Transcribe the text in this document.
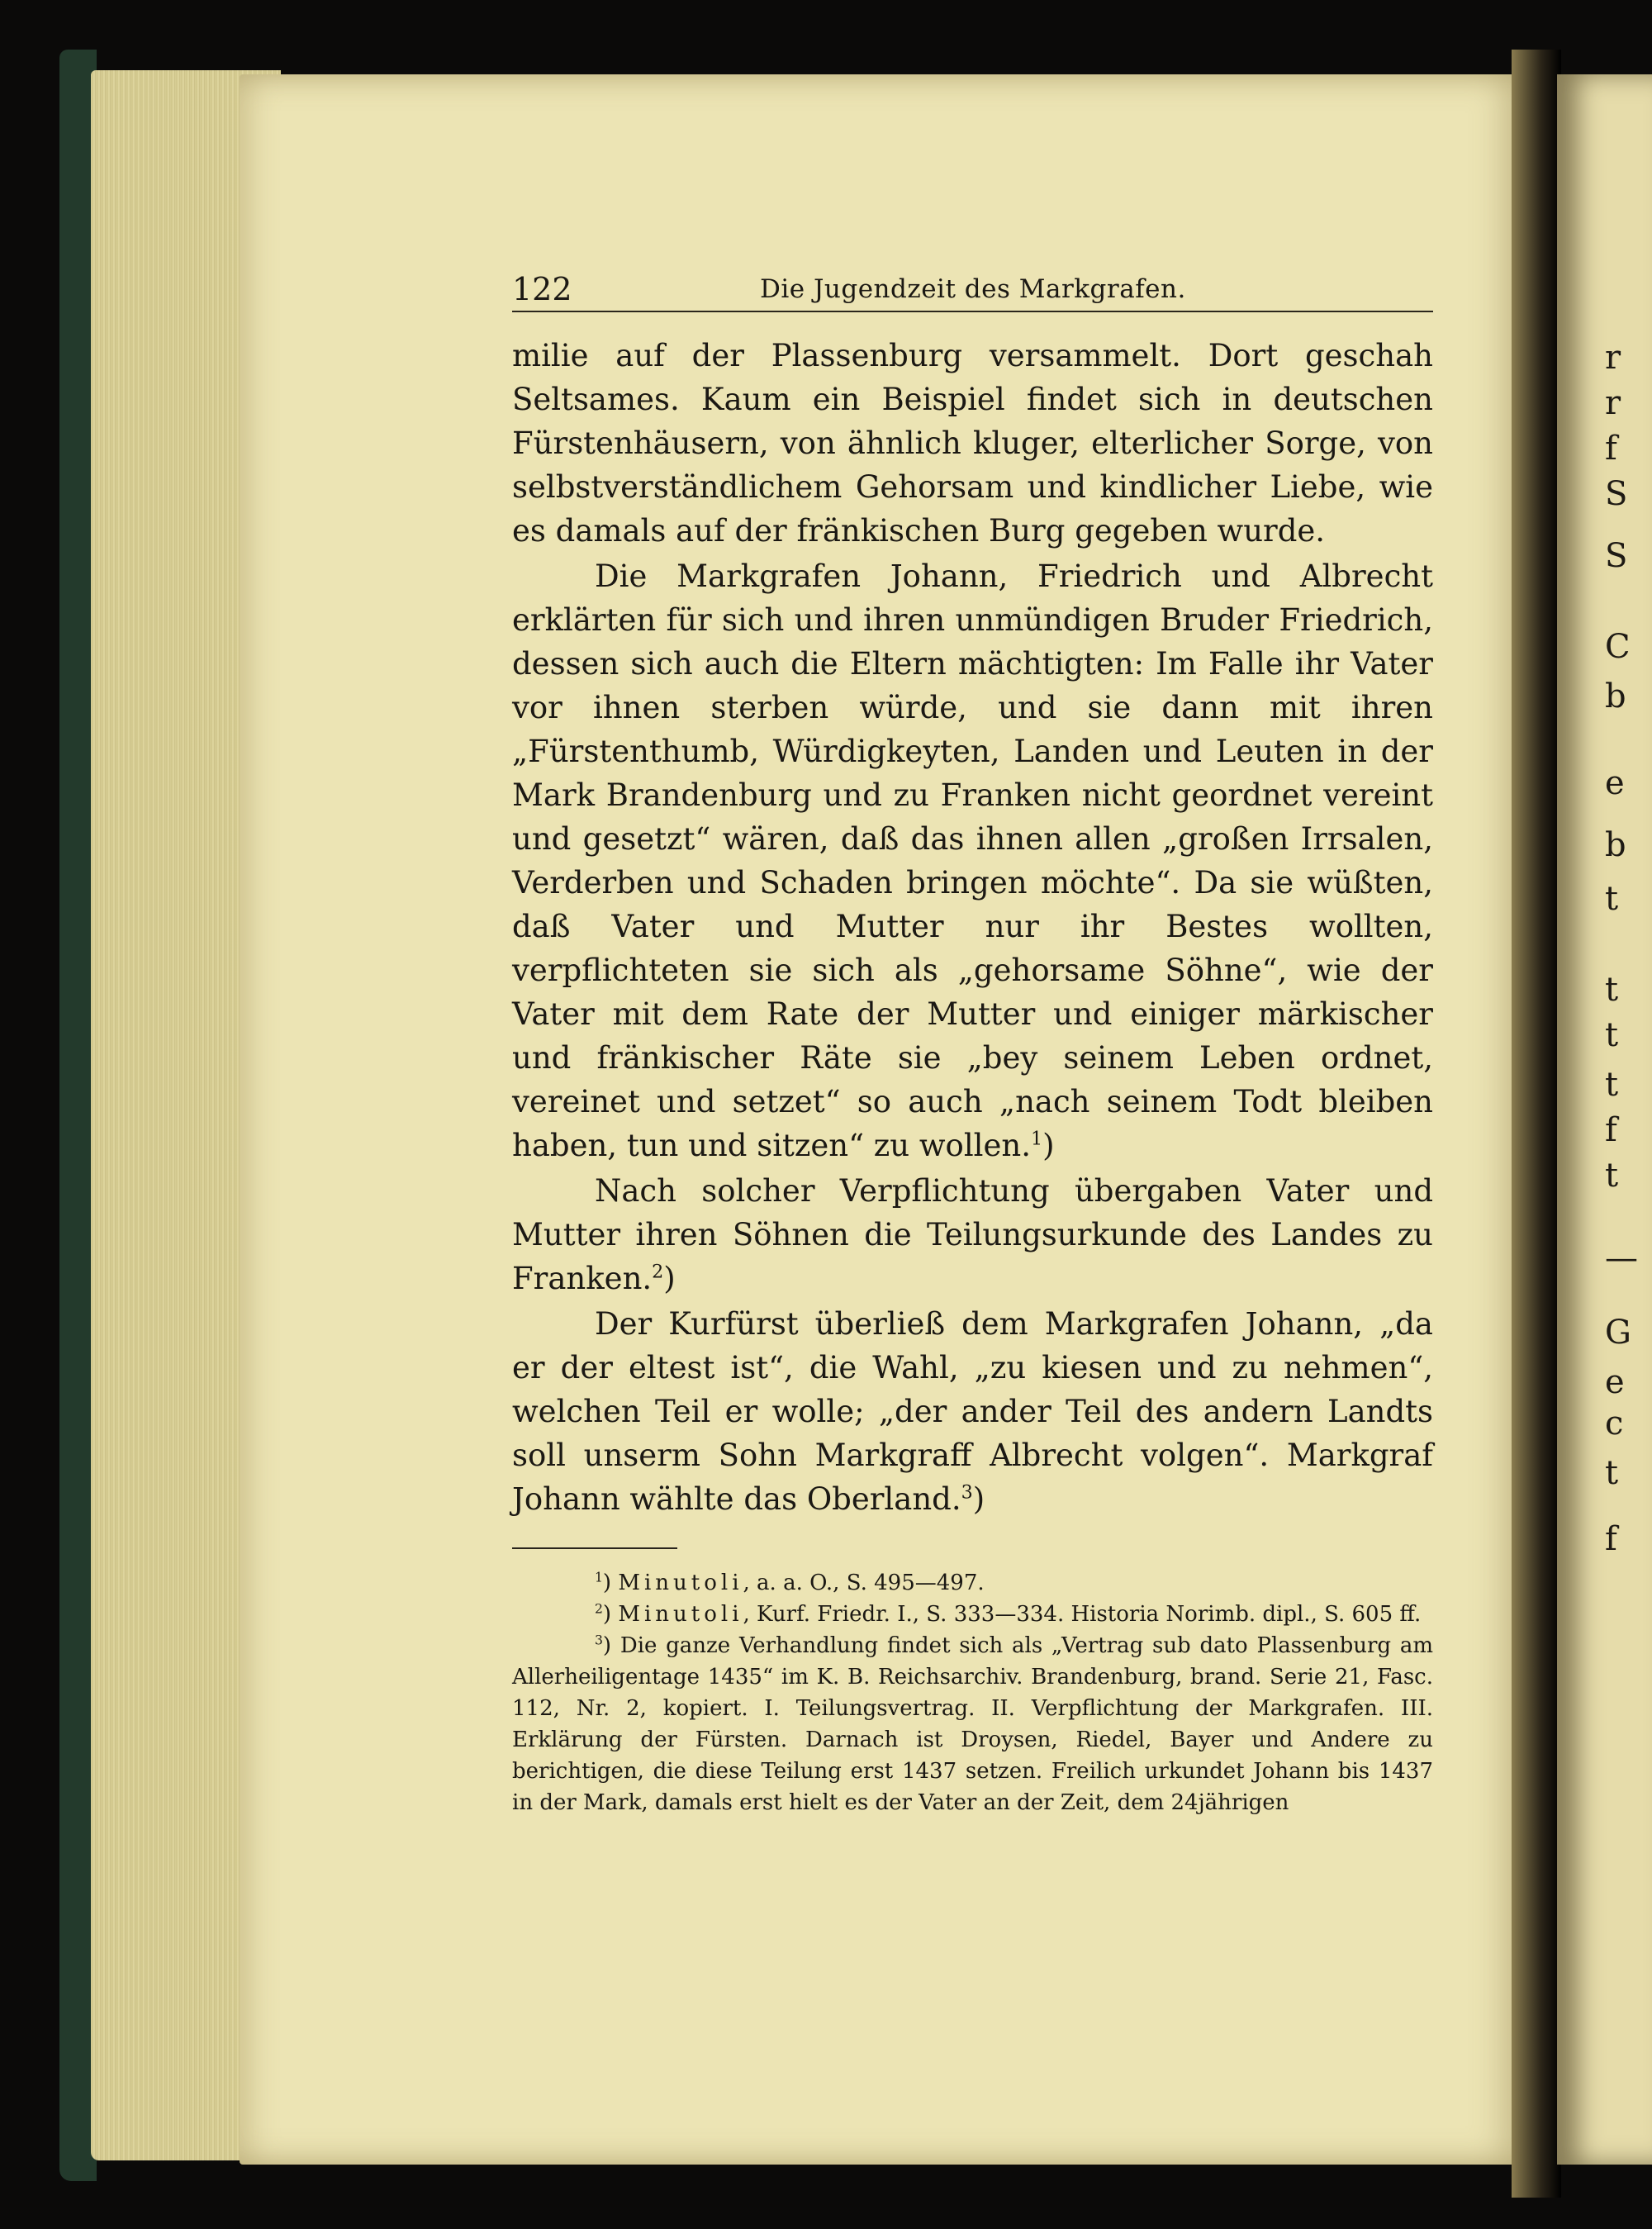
r
r
f
S
S
C
b
e
b
t
t
t
t
f
t
—
G
e
c
t
f
122	Die Jugendzeit des Markgrafen.

milie auf der Plassenburg versammelt. Dort geschah Seltsames. Kaum ein Beispiel findet sich in deutschen Fürstenhäusern, von ähnlich kluger, elterlicher Sorge, von selbstverständlichem Gehorsam und kindlicher Liebe, wie es damals auf der fränkischen Burg gegeben wurde.

Die Markgrafen Johann, Friedrich und Albrecht erklärten für sich und ihren unmündigen Bruder Friedrich, dessen sich auch die Eltern mächtigten: Im Falle ihr Vater vor ihnen sterben würde, und sie dann mit ihren „Fürstenthumb, Würdigkeyten, Landen und Leuten in der Mark Brandenburg und zu Franken nicht geordnet vereint und gesetzt“ wären, daß das ihnen allen „großen Irrsalen, Verderben und Schaden bringen möchte“. Da sie wüßten, daß Vater und Mutter nur ihr Bestes wollten, verpflichteten sie sich als „gehorsame Söhne“, wie der Vater mit dem Rate der Mutter und einiger märkischer und fränkischer Räte sie „bey seinem Leben ordnet, vereinet und setzet“ so auch „nach seinem Todt bleiben haben, tun und sitzen“ zu wollen.$^1$)

Nach solcher Verpflichtung übergaben Vater und Mutter ihren Söhnen die Teilungsurkunde des Landes zu Franken.$^2$)

Der Kurfürst überließ dem Markgrafen Johann, „da er der eltest ist“, die Wahl, „zu kiesen und zu nehmen“, welchen Teil er wolle; „der ander Teil des andern Landts soll unserm Sohn Markgraff Albrecht volgen“. Markgraf Johann wählte das Oberland.$^3$)

$^1$) Minutoli, a. a. O., S. 495—497.

$^2$) Minutoli, Kurf. Friedr. I., S. 333—334. Historia Norimb. dipl., S. 605 ff.

$^3$) Die ganze Verhandlung findet sich als „Vertrag sub dato Plassenburg am Allerheiligentage 1435“ im K. B. Reichsarchiv. Brandenburg, brand. Serie 21, Fasc. 112, Nr. 2, kopiert. I. Teilungsvertrag. II. Verpflichtung der Markgrafen. III. Erklärung der Fürsten. Darnach ist Droysen, Riedel, Bayer und Andere zu berichtigen, die diese Teilung erst 1437 setzen. Freilich urkundet Johann bis 1437 in der Mark, damals erst hielt es der Vater an der Zeit, dem 24jährigen
